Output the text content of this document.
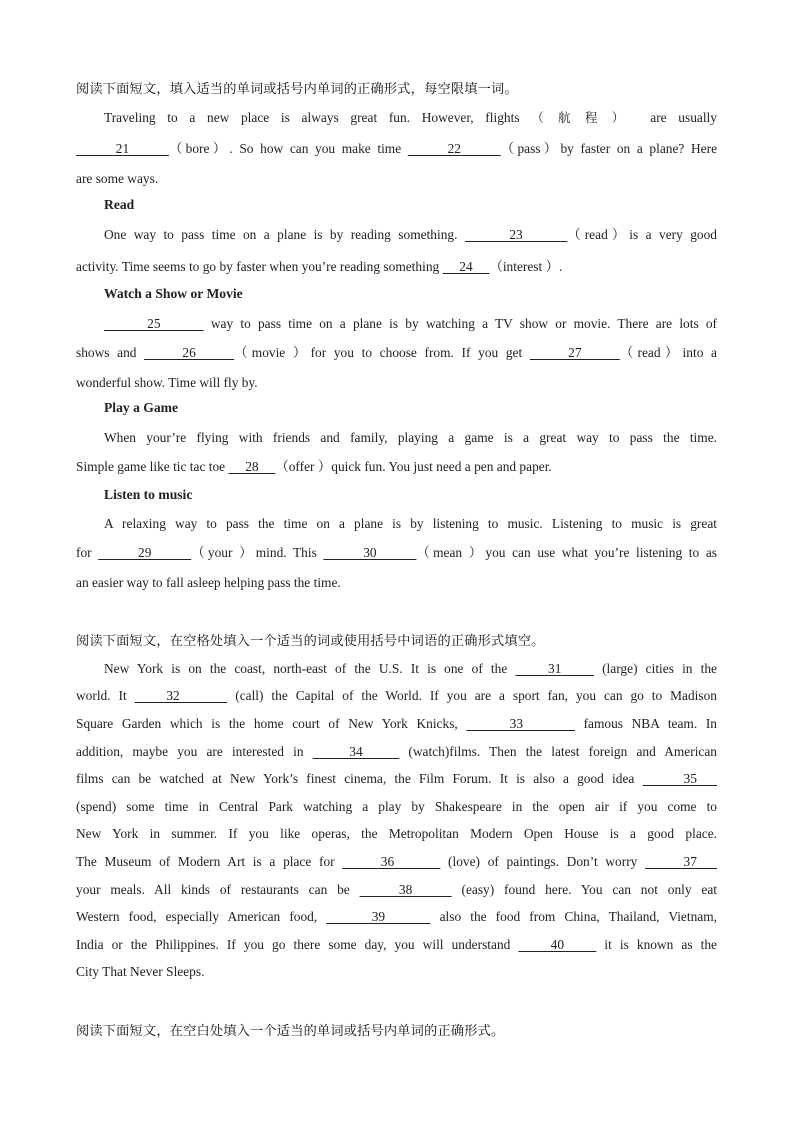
阅读下面短文，填入适当的单词或括号内单词的正确形式，每空限填一词。
Traveling to a new place is always great fun. However, flights （航程） are usually
21      （bore）. So how can you make time       22      （pass）by faster on a plane? Here
are some ways.
Read
One way to pass time on a plane is by reading something.       23      （read）is a very good
activity. Time seems to go by faster when you’re reading something      24     （interest ）.
Watch a Show or Movie
25       way to pass time on a plane is by watching a TV show or movie. There are lots of
shows and      26     （movie ）for you to choose from. If you get      27     （read）into a
wonderful show. Time will fly by.
Play a Game
When your’re flying with friends and family, playing a game is a great way to pass the time.
Simple game like tic tac toe      28     （offer ）quick fun. You just need a pen and paper.
Listen to music
A relaxing way to pass the time on a plane is by listening to music. Listening to music is great
for       29      （your ）mind. This       30      （mean ）you can use what you’re listening to as
an easier way to fall asleep helping pass the time.
阅读下面短文，在空格处填入一个适当的词或使用括号中词语的正确形式填空。
New York is on the coast, north-east of the U.S. It is one of the     31     (large) cities in the
world. It     32       (call) the Capital of the World. If you are a sport fan, you can go to Madison
Square Garden which is the home court of New York Knicks,      33       famous NBA team. In
addition, maybe you are interested in     34     (watch)films. Then the latest foreign and American
films can be watched at New York’s finest cinema, the Film Forum. It is also a good idea      35
(spend) some time in Central Park watching a play by Shakespeare in the open air if you come to
New York in summer. If you like operas, the Metropolitan Modern Open House is a good place.
The Museum of Modern Art is a place for      36       (love) of paintings. Don’t worry      37
your meals. All kinds of restaurants can be     38     (easy) found here. You can not only eat
Western food, especially American food,      39      also the food from China, Thailand, Vietnam,
India or the Philippines. If you go there some day, you will understand     40     it is known as the
City That Never Sleeps.
阅读下面短文，在空白处填入一个适当的单词或括号内单词的正确形式。
